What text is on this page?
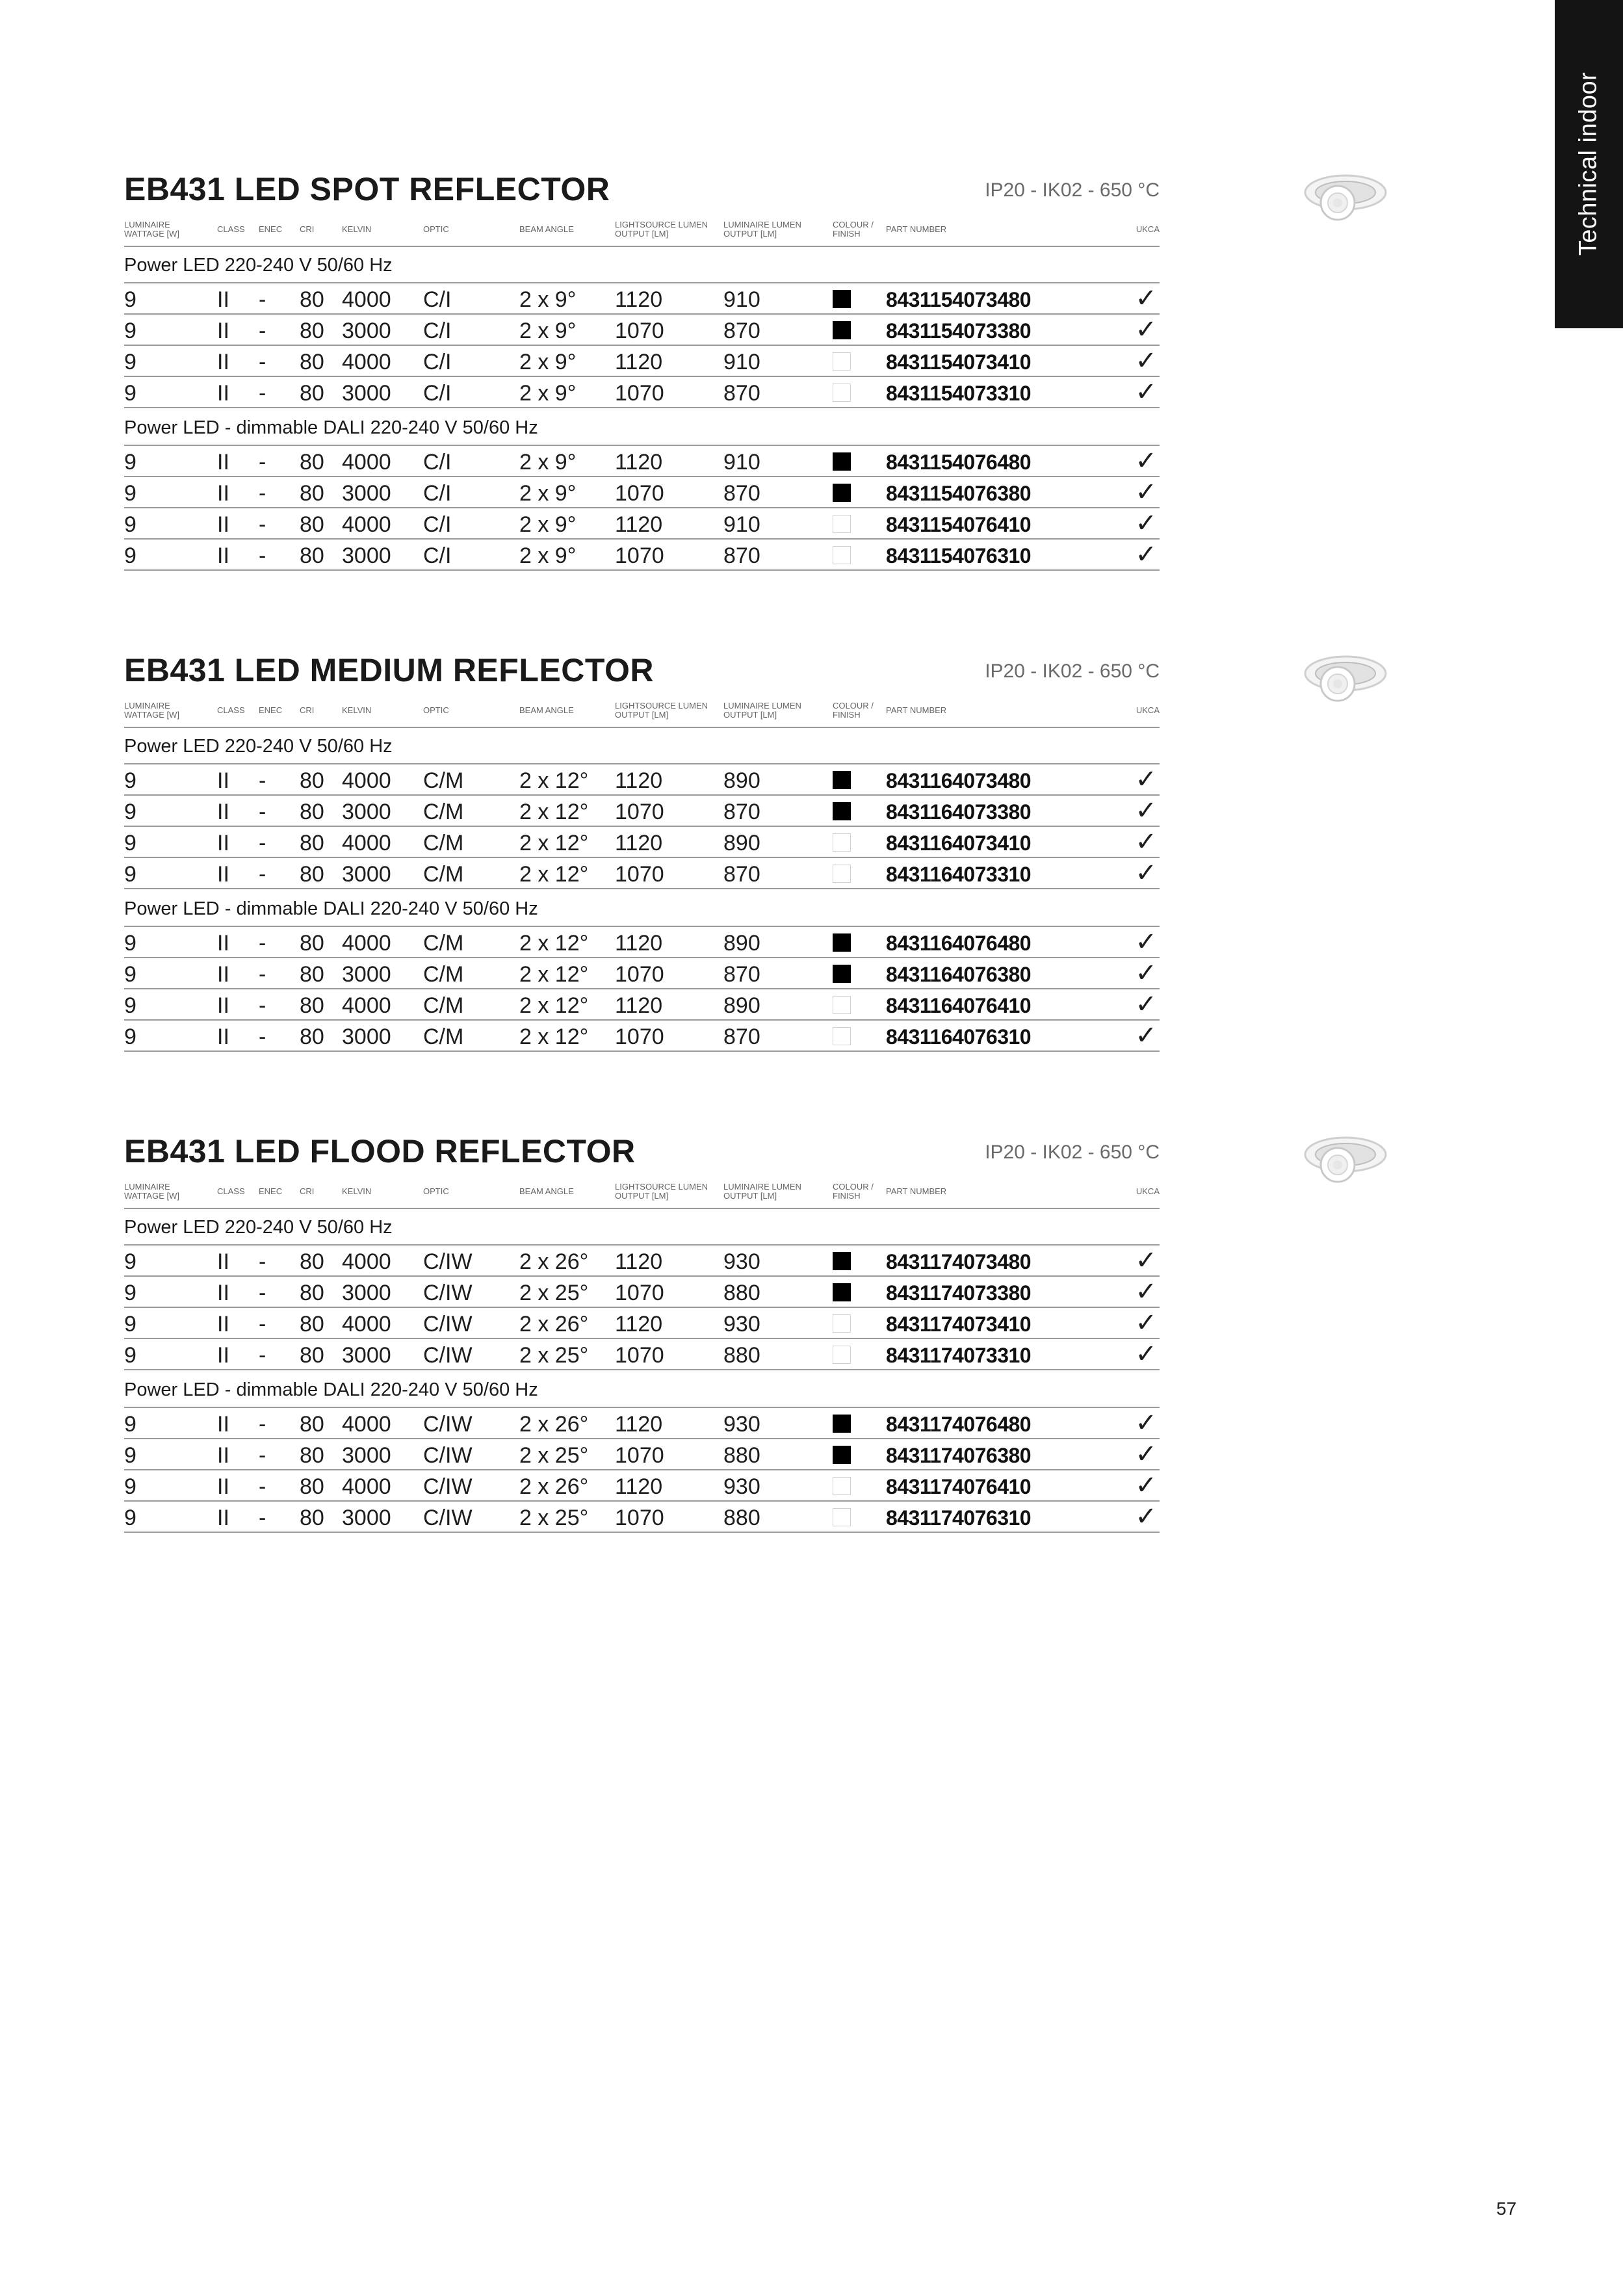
Technical indoor
EB431 LED SPOT REFLECTOR	IP20 - IK02 - 650 °C
LUMINAIRE
WATTAGE [W]	CLASS ENEC CRI	KELVIN	OPTIC	BEAM ANGLE	LIGHTSOURCE LUMEN
OUTPUT [LM]
LUMINAIRE LUMEN
OUTPUT [LM]
COLOUR /
FINISH	PART NUMBER	UKCA
Power LED 220-240 V 50/60 Hz
9	II - 80 4000 C/I	2 x 9° 1120	910	8431154073480	✓
9	II - 80 3000 C/I	2 x 9° 1070	870	8431154073380	✓
9	II - 80 4000 C/I	2 x 9° 1120	910	8431154073410	✓
9	II - 80 3000 C/I	2 x 9° 1070	870	8431154073310	✓
Power LED - dimmable DALI 220-240 V 50/60 Hz
9	II - 80 4000 C/I	2 x 9° 1120	910	8431154076480	✓
9	II - 80 3000 C/I	2 x 9° 1070	870	8431154076380	✓
9	II - 80 4000 C/I	2 x 9° 1120	910	8431154076410	✓
9	II - 80 3000 C/I	2 x 9° 1070	870	8431154076310	✓
EB431 LED MEDIUM REFLECTOR	IP20 - IK02 - 650 °C
LUMINAIRE
WATTAGE [W]	CLASS ENEC CRI	KELVIN	OPTIC	BEAM ANGLE	LIGHTSOURCE LUMEN
OUTPUT [LM]
LUMINAIRE LUMEN
OUTPUT [LM]
COLOUR /
FINISH	PART NUMBER	UKCA
Power LED 220-240 V 50/60 Hz
9	II - 80 4000 C/M	2 x 12° 1120	890	8431164073480	✓
9	II - 80 3000 C/M	2 x 12° 1070	870	8431164073380	✓
9	II - 80 4000 C/M	2 x 12° 1120	890	8431164073410	✓
9	II - 80 3000 C/M	2 x 12° 1070	870	8431164073310	✓
Power LED - dimmable DALI 220-240 V 50/60 Hz
9	II - 80 4000 C/M	2 x 12° 1120	890	8431164076480	✓
9	II - 80 3000 C/M	2 x 12° 1070	870	8431164076380	✓
9	II - 80 4000 C/M	2 x 12° 1120	890	8431164076410	✓
9	II - 80 3000 C/M	2 x 12° 1070	870	8431164076310	✓
EB431 LED FLOOD REFLECTOR	IP20 - IK02 - 650 °C
LUMINAIRE
WATTAGE [W]	CLASS ENEC CRI	KELVIN	OPTIC	BEAM ANGLE	LIGHTSOURCE LUMEN
OUTPUT [LM]
LUMINAIRE LUMEN
OUTPUT [LM]
COLOUR /
FINISH	PART NUMBER	UKCA
Power LED 220-240 V 50/60 Hz
9	II - 80 4000 C/IW 2 x 26° 1120	930	8431174073480	✓
9	II - 80 3000 C/IW 2 x 25° 1070	880	8431174073380	✓
9	II - 80 4000 C/IW 2 x 26° 1120	930	8431174073410	✓
9	II - 80 3000 C/IW 2 x 25° 1070	880	8431174073310	✓
Power LED - dimmable DALI 220-240 V 50/60 Hz
9	II - 80 4000 C/IW 2 x 26° 1120	930	8431174076480	✓
9	II - 80 3000 C/IW 2 x 25° 1070	880	8431174076380	✓
9	II - 80 4000 C/IW 2 x 26° 1120	930	8431174076410	✓
9	II - 80 3000 C/IW 2 x 25° 1070	880	8431174076310	✓
57
